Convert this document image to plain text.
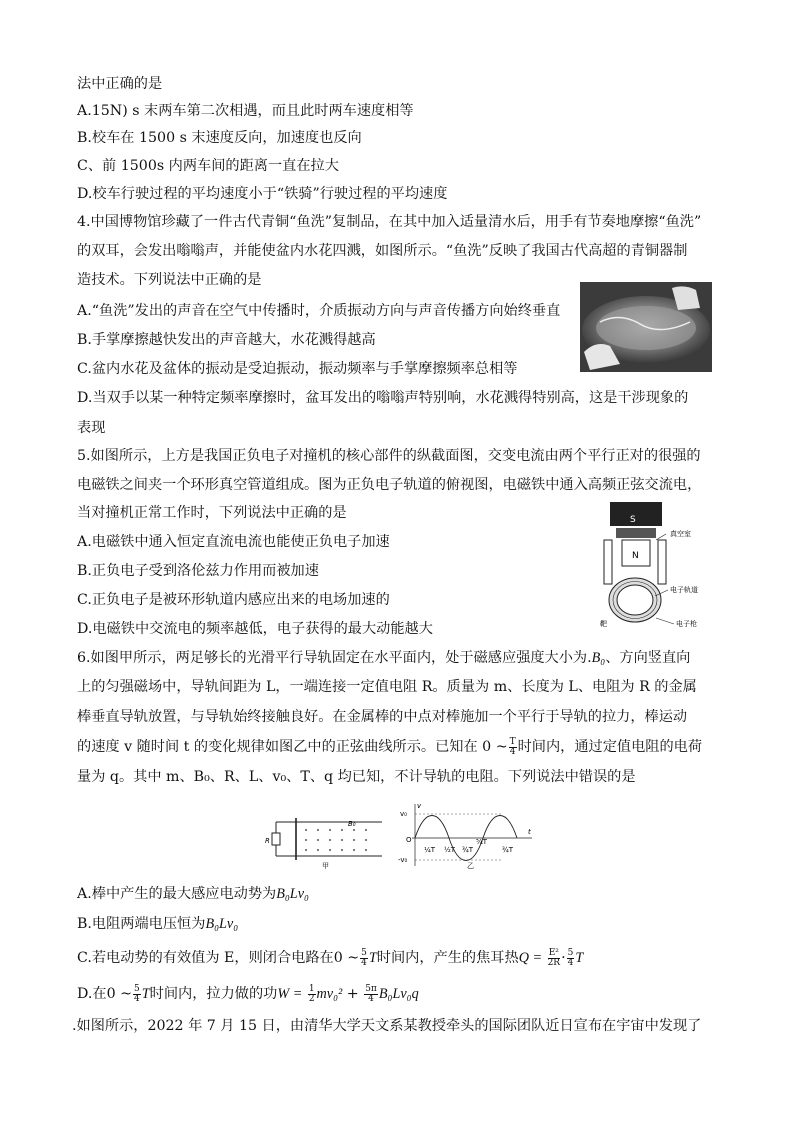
法中正确的是
A.15N) s 末两车第二次相遇，而且此时两车速度相等
B.校车在 1500 s 末速度反向，加速度也反向
C、前 1500s 内两车间的距离一直在拉大
D.校车行驶过程的平均速度小于“铁骑”行驶过程的平均速度
4.中国博物馆珍藏了一件古代青铜“鱼洗”复制品，在其中加入适量清水后，用手有节奏地摩擦“鱼洗”
的双耳，会发出嗡嗡声，并能使盆内水花四溅，如图所示。“鱼洗”反映了我国古代高超的青铜器制
造技术。下列说法中正确的是
A.“鱼洗”发出的声音在空气中传播时，介质振动方向与声音传播方向始终垂直
B.手掌摩擦越快发出的声音越大，水花溅得越高
C.盆内水花及盆体的振动是受迫振动，振动频率与手掌摩擦频率总相等
D.当双手以某一种特定频率摩擦时，盆耳发出的嗡嗡声特别响，水花溅得特别高，这是干涉现象的
表现
5.如图所示，上方是我国正负电子对撞机的核心部件的纵截面图，交变电流由两个平行正对的很强的
电磁铁之间夹一个环形真空管道组成。图为正负电子轨道的俯视图，电磁铁中通入高频正弦交流电，
当对撞机正常工作时，下列说法中正确的是
A.电磁铁中通入恒定直流电流也能使正负电子加速
B.正负电子受到洛伦兹力作用而被加速
C.正负电子是被环形轨道内感应出来的电场加速的
D.电磁铁中交流电的频率越低，电子获得的最大动能越大
S
N
真空室
电子轨道
电子枪
靶
6.如图甲所示，两足够长的光滑平行导轨固定在水平面内，处于磁感应强度大小为.B₀、方向竖直向
上的匀强磁场中，导轨间距为 L，一端连接一定值电阻 R。质量为 m、长度为 L、电阻为 R 的金属
棒垂直导轨放置，与导轨始终接触良好。在金属棒的中点对棒施加一个平行于导轨的拉力，棒运动
的速度 v 随时间 t 的变化规律如图乙中的正弦曲线所示。已知在 0 ~ $\frac{T}{4}$ 时间内，通过定值电阻的电荷
量为 q。其中 m、B₀、R、L、v₀、T、q 均已知，不计导轨的电阻。下列说法中错误的是
R
B₀
甲
v
t
O
v₀
-v₀
¼T ½T ¾T
⁵⁄₄T
¾T
乙
A.棒中产生的最大感应电动势为B₀Lv₀
B.电阻两端电压恒为B₀Lv₀
C.若电动势的有效值为 E，则闭合电路在0 ~ $\frac{5}{4}$ T时间内，产生的焦耳热$Q = \frac{\text{E²}}{2R} \cdot \frac{5}{4}$ T
D.在0 ~ $\frac{5}{4}$ T时间内，拉力做的功$W = \frac{1}{2} mv_0^2 + \frac{5\pi}{4} B_0Lv_0q$
.如图所示，2022 年 7 月 15 日，由清华大学天文系某教授牵头的国际团队近日宣布在宇宙中发现了
